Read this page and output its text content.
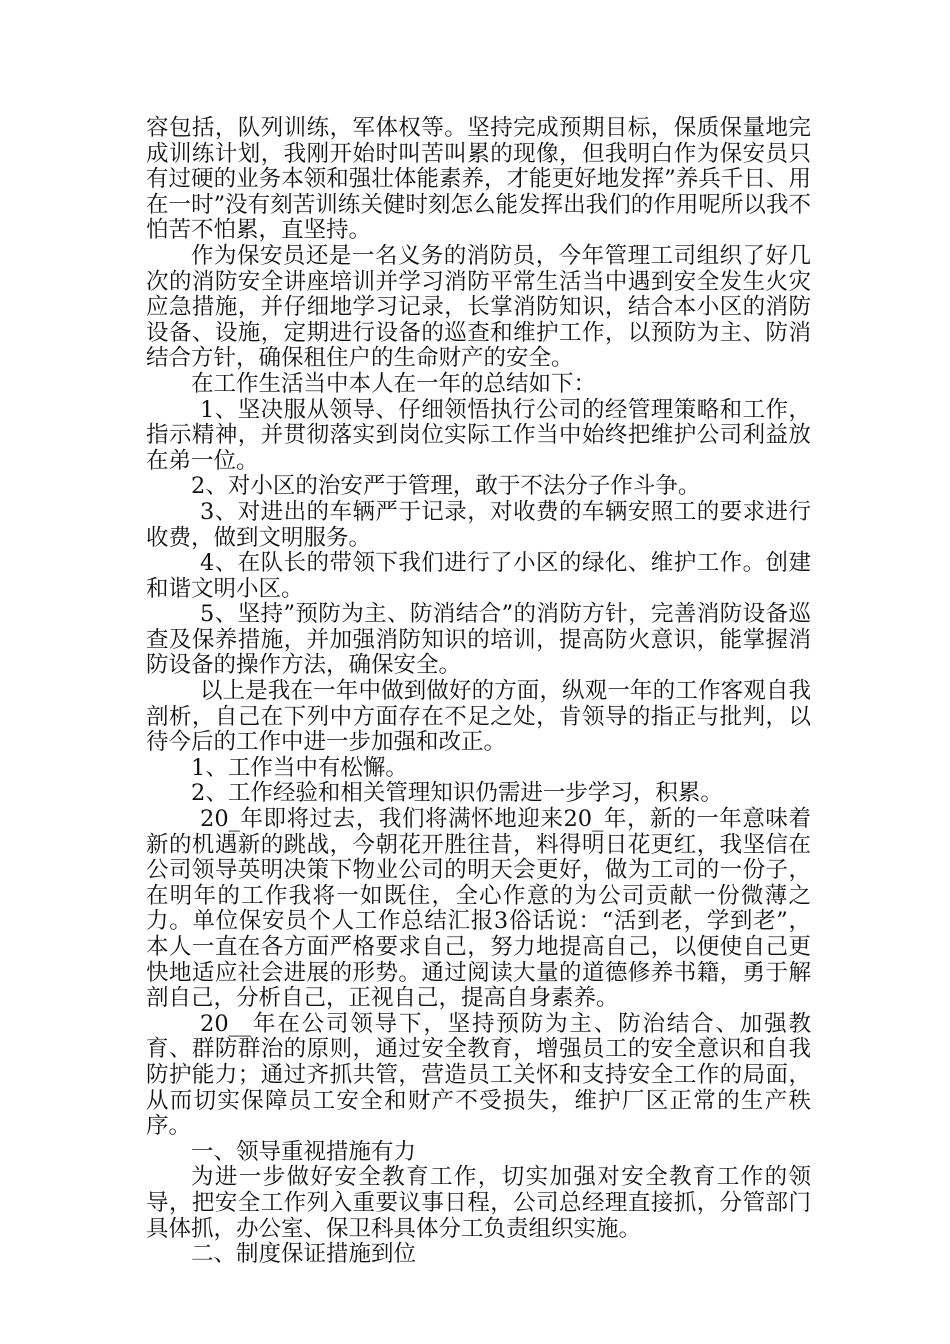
容包括，队列训练，军体权等。坚持完成预期目标，保质保量地完成训练计划，我刚开始时叫苦叫累的现像，但我明白作为保安员只有过硬的业务本领和强壮体能素养，才能更好地发挥”养兵千日、用在一时”没有刻苦训练关健时刻怎么能发挥出我们的作用呢所以我不怕苦不怕累，直坚持。

作为保安员还是一名义务的消防员，今年管理工司组织了好几次的消防安全讲座培训并学习消防平常生活当中遇到安全发生火灾应急措施，并仔细地学习记录，长掌消防知识，结合本小区的消防设备、设施，定期进行设备的巡查和维护工作，以预防为主、防消结合方针，确保租住户的生命财产的安全。

在工作生活当中本人在一年的总结如下：

1、坚决服从领导、仔细领悟执行公司的经管理策略和工作，指示精神，并贯彻落实到岗位实际工作当中始终把维护公司利益放在弟一位。

2、对小区的治安严于管理，敢于不法分子作斗争。

3、对进出的车辆严于记录，对收费的车辆安照工的要求进行收费，做到文明服务。

4、在队长的带领下我们进行了小区的绿化、维护工作。创建和谐文明小区。

5、坚持”预防为主、防消结合”的消防方针，完善消防设备巡查及保养措施，并加强消防知识的培训，提高防火意识，能掌握消防设备的操作方法，确保安全。

以上是我在一年中做到做好的方面，纵观一年的工作客观自我剖析，自己在下列中方面存在不足之处，肯领导的指正与批判，以待今后的工作中进一步加强和改正。

1、工作当中有松懈。

2、工作经验和相关管理知识仍需进一步学习，积累。

20_年即将过去，我们将满怀地迎来20_年，新的一年意味着新的机遇新的跳战，今朝花开胜往昔，料得明日花更红，我坚信在公司领导英明决策下物业公司的明天会更好，做为工司的一份子，在明年的工作我将一如既住，全心作意的为公司贡献一份微薄之力。单位保安员个人工作总结汇报3俗话说：“活到老，学到老”，本人一直在各方面严格要求自己，努力地提高自己，以便使自己更快地适应社会进展的形势。通过阅读大量的道德修养书籍，勇于解剖自己，分析自己，正视自己，提高自身素养。

20__年在公司领导下，坚持预防为主、防治结合、加强教育、群防群治的原则，通过安全教育，增强员工的安全意识和自我防护能力；通过齐抓共管，营造员工关怀和支持安全工作的局面，从而切实保障员工安全和财产不受损失，维护厂区正常的生产秩序。

一、领导重视措施有力

为进一步做好安全教育工作，切实加强对安全教育工作的领导，把安全工作列入重要议事日程，公司总经理直接抓，分管部门具体抓，办公室、保卫科具体分工负责组织实施。

二、制度保证措施到位
